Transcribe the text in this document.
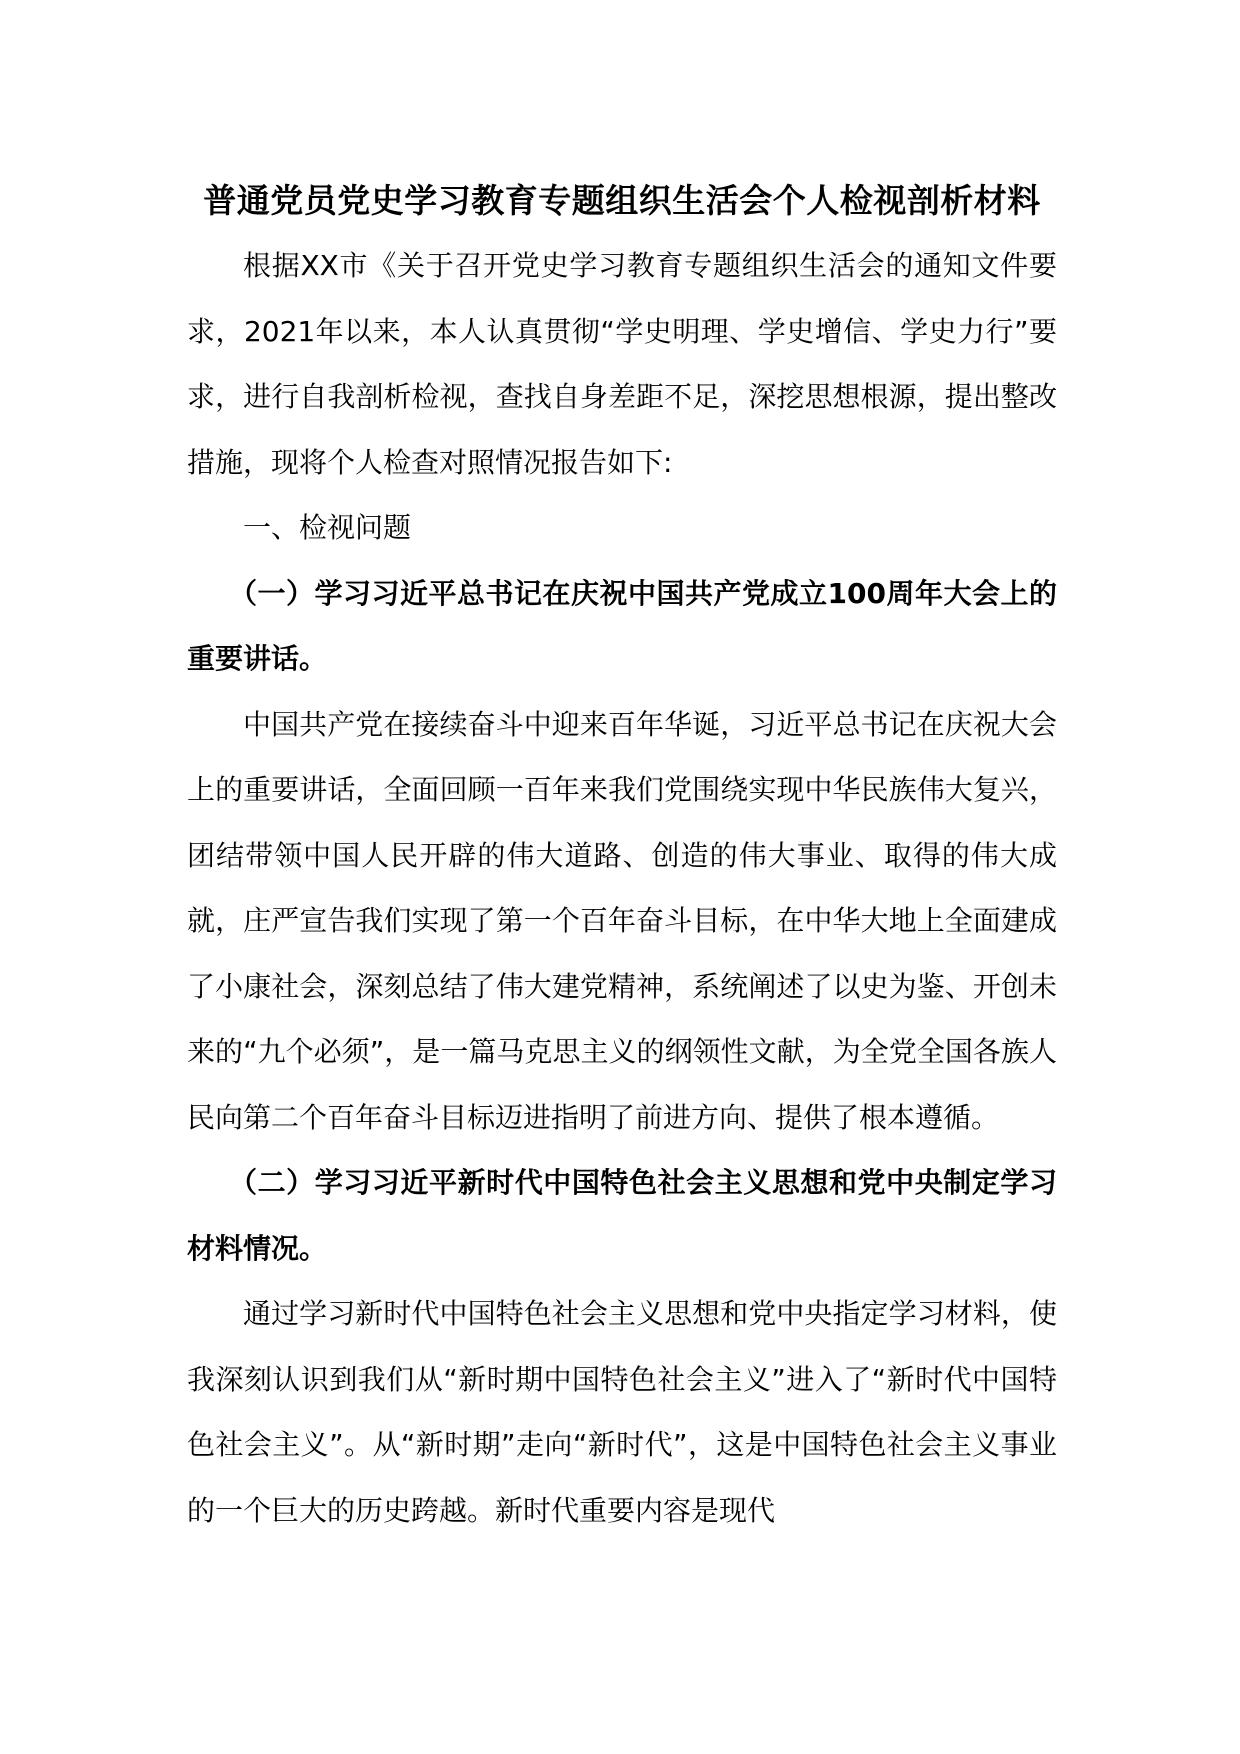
普通党员党史学习教育专题组织生活会个人检视剖析材料

根据XX市《关于召开党史学习教育专题组织生活会的通知文件要求，2021年以来，本人认真贯彻“学史明理、学史增信、学史力行”要求，进行自我剖析检视，查找自身差距不足，深挖思想根源，提出整改措施，现将个人检查对照情况报告如下:

一、检视问题

（一）学习习近平总书记在庆祝中国共产党成立100周年大会上的重要讲话。

中国共产党在接续奋斗中迎来百年华诞，习近平总书记在庆祝大会上的重要讲话，全面回顾一百年来我们党围绕实现中华民族伟大复兴，团结带领中国人民开辟的伟大道路、创造的伟大事业、取得的伟大成就，庄严宣告我们实现了第一个百年奋斗目标，在中华大地上全面建成了小康社会，深刻总结了伟大建党精神，系统阐述了以史为鉴、开创未来的“九个必须”，是一篇马克思主义的纲领性文献，为全党全国各族人民向第二个百年奋斗目标迈进指明了前进方向、提供了根本遵循。

（二）学习习近平新时代中国特色社会主义思想和党中央制定学习材料情况。

通过学习新时代中国特色社会主义思想和党中央指定学习材料，使我深刻认识到我们从“新时期中国特色社会主义”进入了“新时代中国特色社会主义”。从“新时期”走向“新时代”，这是中国特色社会主义事业的一个巨大的历史跨越。新时代重要内容是现代
